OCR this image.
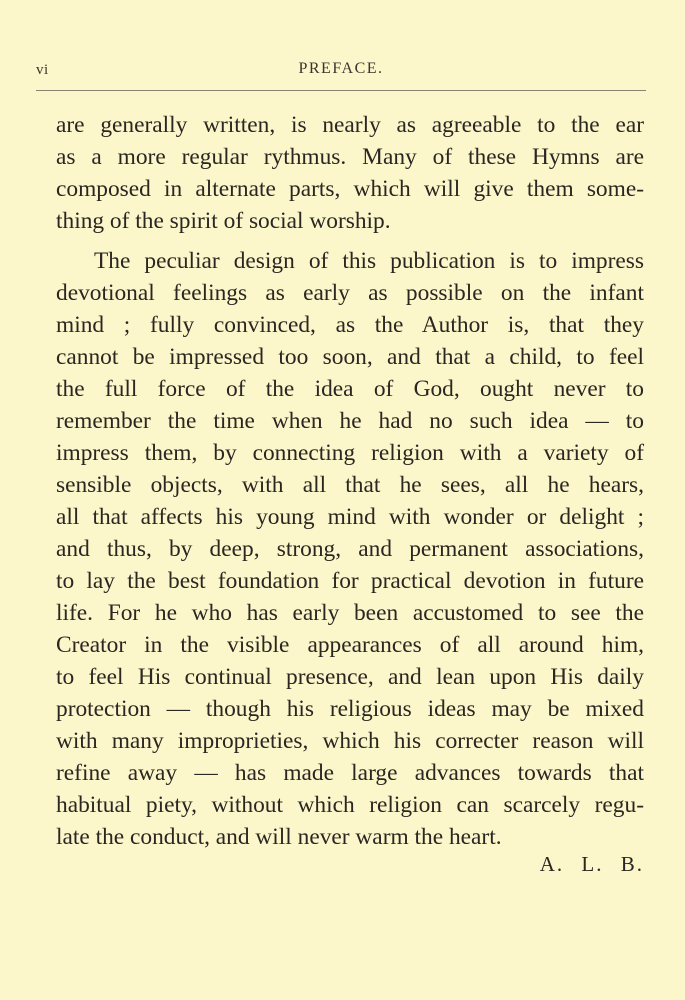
vi	PREFACE.
are generally written, is nearly as agreeable to the ear
as a more regular rythmus. Many of these Hymns are
composed in alternate parts, which will give them some-
thing of the spirit of social worship.
The peculiar design of this publication is to impress
devotional feelings as early as possible on the infant
mind ; fully convinced, as the Author is, that they
cannot be impressed too soon, and that a child, to feel
the full force of the idea of God, ought never to
remember the time when he had no such idea — to
impress them, by connecting religion with a variety of
sensible objects, with all that he sees, all he hears,
all that affects his young mind with wonder or delight ;
and thus, by deep, strong, and permanent associations,
to lay the best foundation for practical devotion in future
life. For he who has early been accustomed to see the
Creator in the visible appearances of all around him,
to feel His continual presence, and lean upon His daily
protection — though his religious ideas may be mixed
with many improprieties, which his correcter reason will
refine away — has made large advances towards that
habitual piety, without which religion can scarcely regu-
late the conduct, and will never warm the heart.
A. L. B.
